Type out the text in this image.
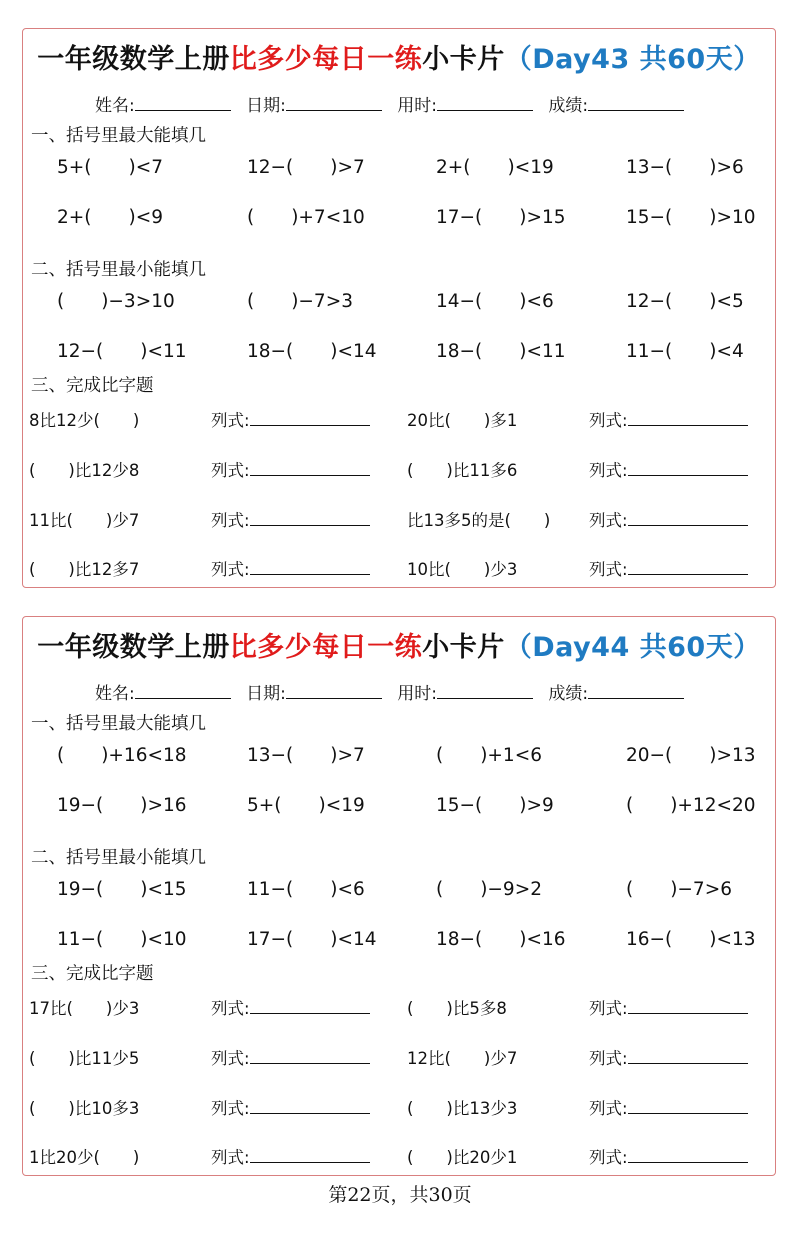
一年级数学上册比多少每日一练小卡片（Day43 共60天）
姓名:	日期:	用时:	成绩:
一、括号里最大能填几
5+(　　)<7	12−(　　)>7	2+(　　)<19	13−(　　)>6
2+(　　)<9	(　　)+7<10	17−(　　)>15	15−(　　)>10
二、括号里最小能填几
(　　)−3>10	(　　)−7>3	14−(　　)<6	12−(　　)<5
12−(　　)<11	18−(　　)<14	18−(　　)<11	11−(　　)<4
三、完成比字题
8比12少(　　)	列式:	20比(　　)多1	列式:
(　　)比12少8	列式:	(　　)比11多6	列式:
11比(　　)少7	列式:	比13多5的是(　　) 列式:
(　　)比12多7	列式:	10比(　　)少3	列式:
一年级数学上册比多少每日一练小卡片（Day44 共60天）
姓名:	日期:	用时:	成绩:
一、括号里最大能填几
(　　)+16<18	13−(　　)>7	(　　)+1<6	20−(　　)>13
19−(　　)>16	5+(　　)<19	15−(　　)>9	(　　)+12<20
二、括号里最小能填几
19−(　　)<15	11−(　　)<6	(　　)−9>2	(　　)−7>6
11−(　　)<10	17−(　　)<14	18−(　　)<16	16−(　　)<13
三、完成比字题
17比(　　)少3	列式:	(　　)比5多8	列式:
(　　)比11少5	列式:	12比(　　)少7	列式:
(　　)比10多3	列式:	(　　)比13少3	列式:
1比20少(　　)	列式:	(　　)比20少1	列式:
第22页，共30页
